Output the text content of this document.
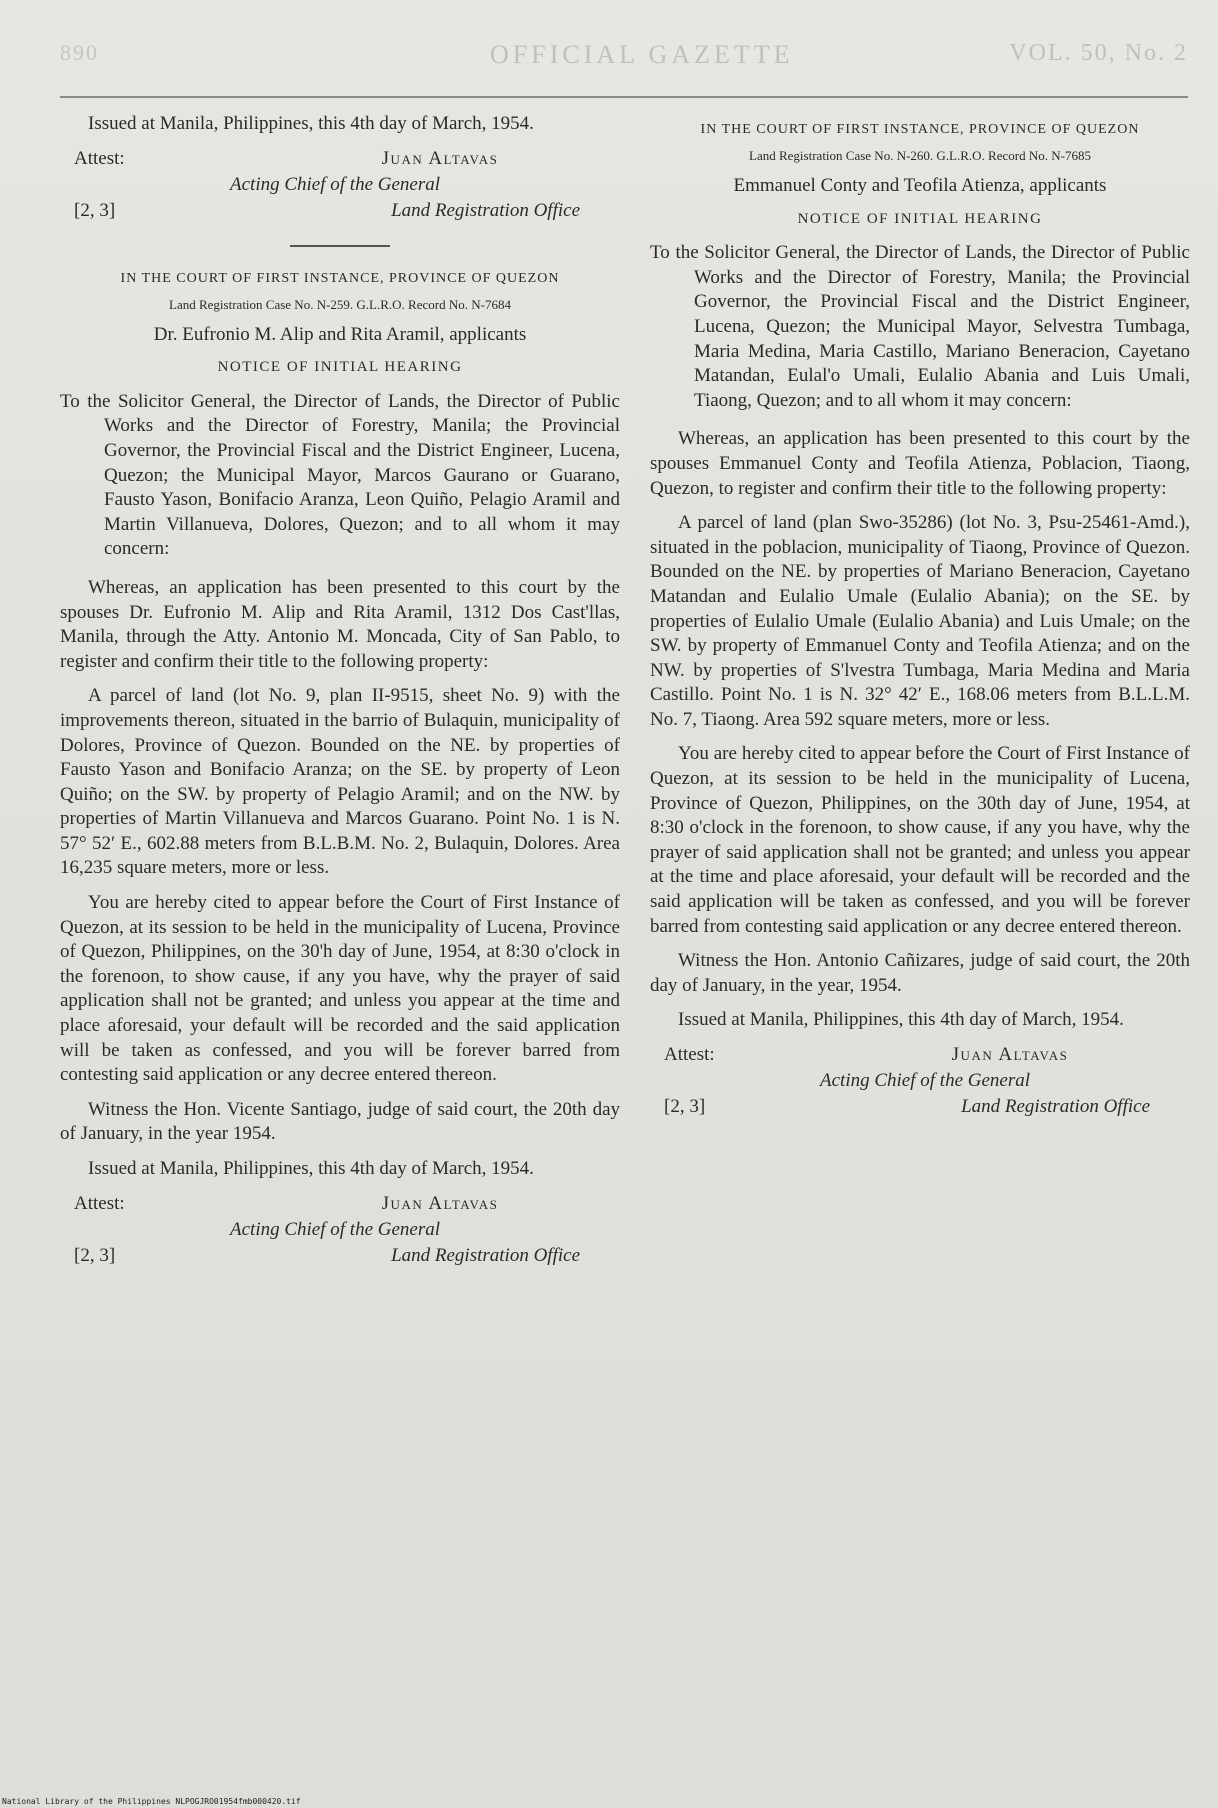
890	OFFICIAL GAZETTE	VOL. 50, No. 2

Issued at Manila, Philippines, this 4th day of March, 1954.

Attest:	Juan Altavas
Acting Chief of the General
[2, 3]	Land Registration Office
IN THE COURT OF FIRST INSTANCE, PROVINCE OF QUEZON
Land Registration Case No. N-259. G.L.R.O. Record No. N-7684
Dr. Eufronio M. Alip and Rita Aramil, applicants
NOTICE OF INITIAL HEARING

To the Solicitor General, the Director of Lands, the Director of Public Works and the Director of Forestry, Manila; the Provincial Governor, the Provincial Fiscal and the District Engineer, Lucena, Quezon; the Municipal Mayor, Marcos Gaurano or Guarano, Fausto Yason, Bonifacio Aranza, Leon Quiño, Pelagio Aramil and Martin Villanueva, Dolores, Quezon; and to all whom it may concern:

Whereas, an application has been presented to this court by the spouses Dr. Eufronio M. Alip and Rita Aramil, 1312 Dos Cast'llas, Manila, through the Atty. Antonio M. Moncada, City of San Pablo, to register and confirm their title to the following property:

A parcel of land (lot No. 9, plan II-9515, sheet No. 9) with the improvements thereon, situated in the barrio of Bulaquin, municipality of Dolores, Province of Quezon. Bounded on the NE. by properties of Fausto Yason and Bonifacio Aranza; on the SE. by property of Leon Quiño; on the SW. by property of Pelagio Aramil; and on the NW. by properties of Martin Villanueva and Marcos Guarano. Point No. 1 is N. 57° 52′ E., 602.88 meters from B.L.B.M. No. 2, Bulaquin, Dolores. Area 16,235 square meters, more or less.

You are hereby cited to appear before the Court of First Instance of Quezon, at its session to be held in the municipality of Lucena, Province of Quezon, Philippines, on the 30'h day of June, 1954, at 8:30 o'clock in the forenoon, to show cause, if any you have, why the prayer of said application shall not be granted; and unless you appear at the time and place aforesaid, your default will be recorded and the said application will be taken as confessed, and you will be forever barred from contesting said application or any decree entered thereon.

Witness the Hon. Vicente Santiago, judge of said court, the 20th day of January, in the year 1954.

Issued at Manila, Philippines, this 4th day of March, 1954.

Attest:	Juan Altavas
Acting Chief of the General
[2, 3]	Land Registration Office
IN THE COURT OF FIRST INSTANCE, PROVINCE OF QUEZON
Land Registration Case No. N-260. G.L.R.O. Record No. N-7685
Emmanuel Conty and Teofila Atienza, applicants
NOTICE OF INITIAL HEARING

To the Solicitor General, the Director of Lands, the Director of Public Works and the Director of Forestry, Manila; the Provincial Governor, the Provincial Fiscal and the District Engineer, Lucena, Quezon; the Municipal Mayor, Selvestra Tumbaga, Maria Medina, Maria Castillo, Mariano Beneracion, Cayetano Matandan, Eulal'o Umali, Eulalio Abania and Luis Umali, Tiaong, Quezon; and to all whom it may concern:

Whereas, an application has been presented to this court by the spouses Emmanuel Conty and Teofila Atienza, Poblacion, Tiaong, Quezon, to register and confirm their title to the following property:

A parcel of land (plan Swo-35286) (lot No. 3, Psu-25461-Amd.), situated in the poblacion, municipality of Tiaong, Province of Quezon. Bounded on the NE. by properties of Mariano Beneracion, Cayetano Matandan and Eulalio Umale (Eulalio Abania); on the SE. by properties of Eulalio Umale (Eulalio Abania) and Luis Umale; on the SW. by property of Emmanuel Conty and Teofila Atienza; and on the NW. by properties of S'lvestra Tumbaga, Maria Medina and Maria Castillo. Point No. 1 is N. 32° 42′ E., 168.06 meters from B.L.L.M. No. 7, Tiaong. Area 592 square meters, more or less.

You are hereby cited to appear before the Court of First Instance of Quezon, at its session to be held in the municipality of Lucena, Province of Quezon, Philippines, on the 30th day of June, 1954, at 8:30 o'clock in the forenoon, to show cause, if any you have, why the prayer of said application shall not be granted; and unless you appear at the time and place aforesaid, your default will be recorded and the said application will be taken as confessed, and you will be forever barred from contesting said application or any decree entered thereon.

Witness the Hon. Antonio Cañizares, judge of said court, the 20th day of January, in the year, 1954.

Issued at Manila, Philippines, this 4th day of March, 1954.

Attest:	Juan Altavas
Acting Chief of the General
[2, 3]	Land Registration Office
National Library of the Philippines NLPOGJRO01954fmb000420.tif
